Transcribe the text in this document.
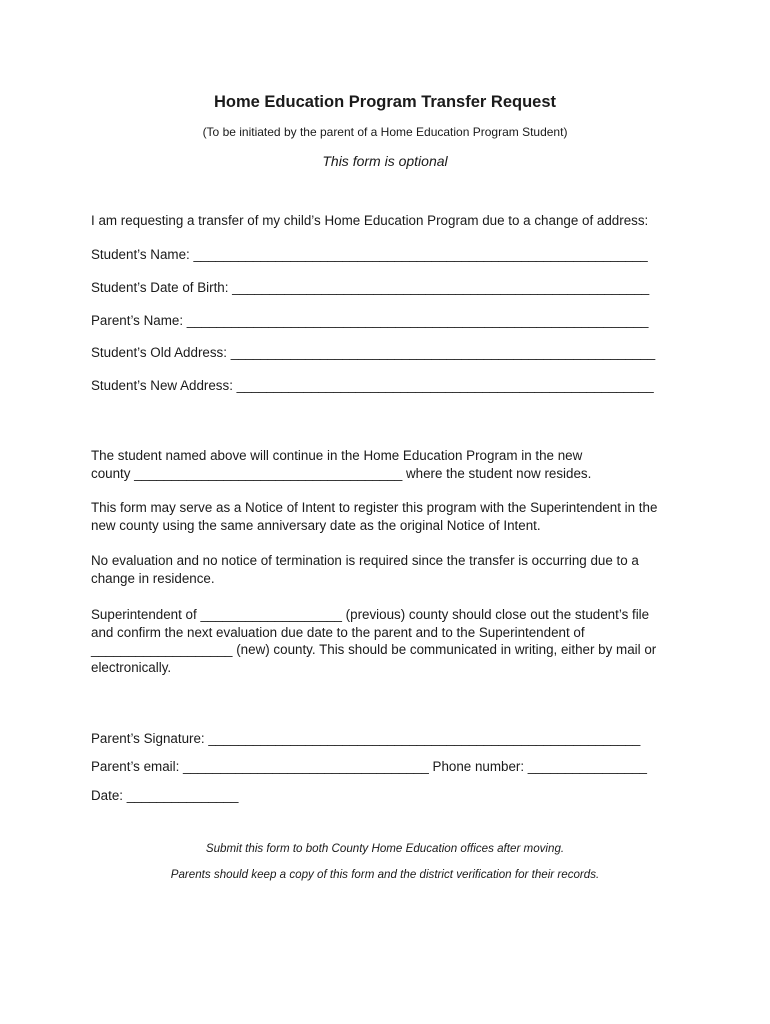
Home Education Program Transfer Request
(To be initiated by the parent of a Home Education Program Student)
This form is optional
I am requesting a transfer of my child’s Home Education Program due to a change of address:
Student’s Name: _____________________________________________________________
Student’s Date of Birth: ________________________________________________________
Parent’s Name: ______________________________________________________________
Student’s Old Address: _________________________________________________________
Student’s New Address: ________________________________________________________
The student named above will continue in the Home Education Program in the new
county ____________________________________ where the student now resides.
This form may serve as a Notice of Intent to register this program with the Superintendent in the
new county using the same anniversary date as the original Notice of Intent.
No evaluation and no notice of termination is required since the transfer is occurring due to a
change in residence.
Superintendent of ___________________ (previous) county should close out the student’s file
and confirm the next evaluation due date to the parent and to the Superintendent of
___________________ (new) county. This should be communicated in writing, either by mail or
electronically.
Parent’s Signature: __________________________________________________________
Parent’s email: _________________________________ Phone number: ________________
Date: _______________
Submit this form to both County Home Education offices after moving.
Parents should keep a copy of this form and the district verification for their records.
